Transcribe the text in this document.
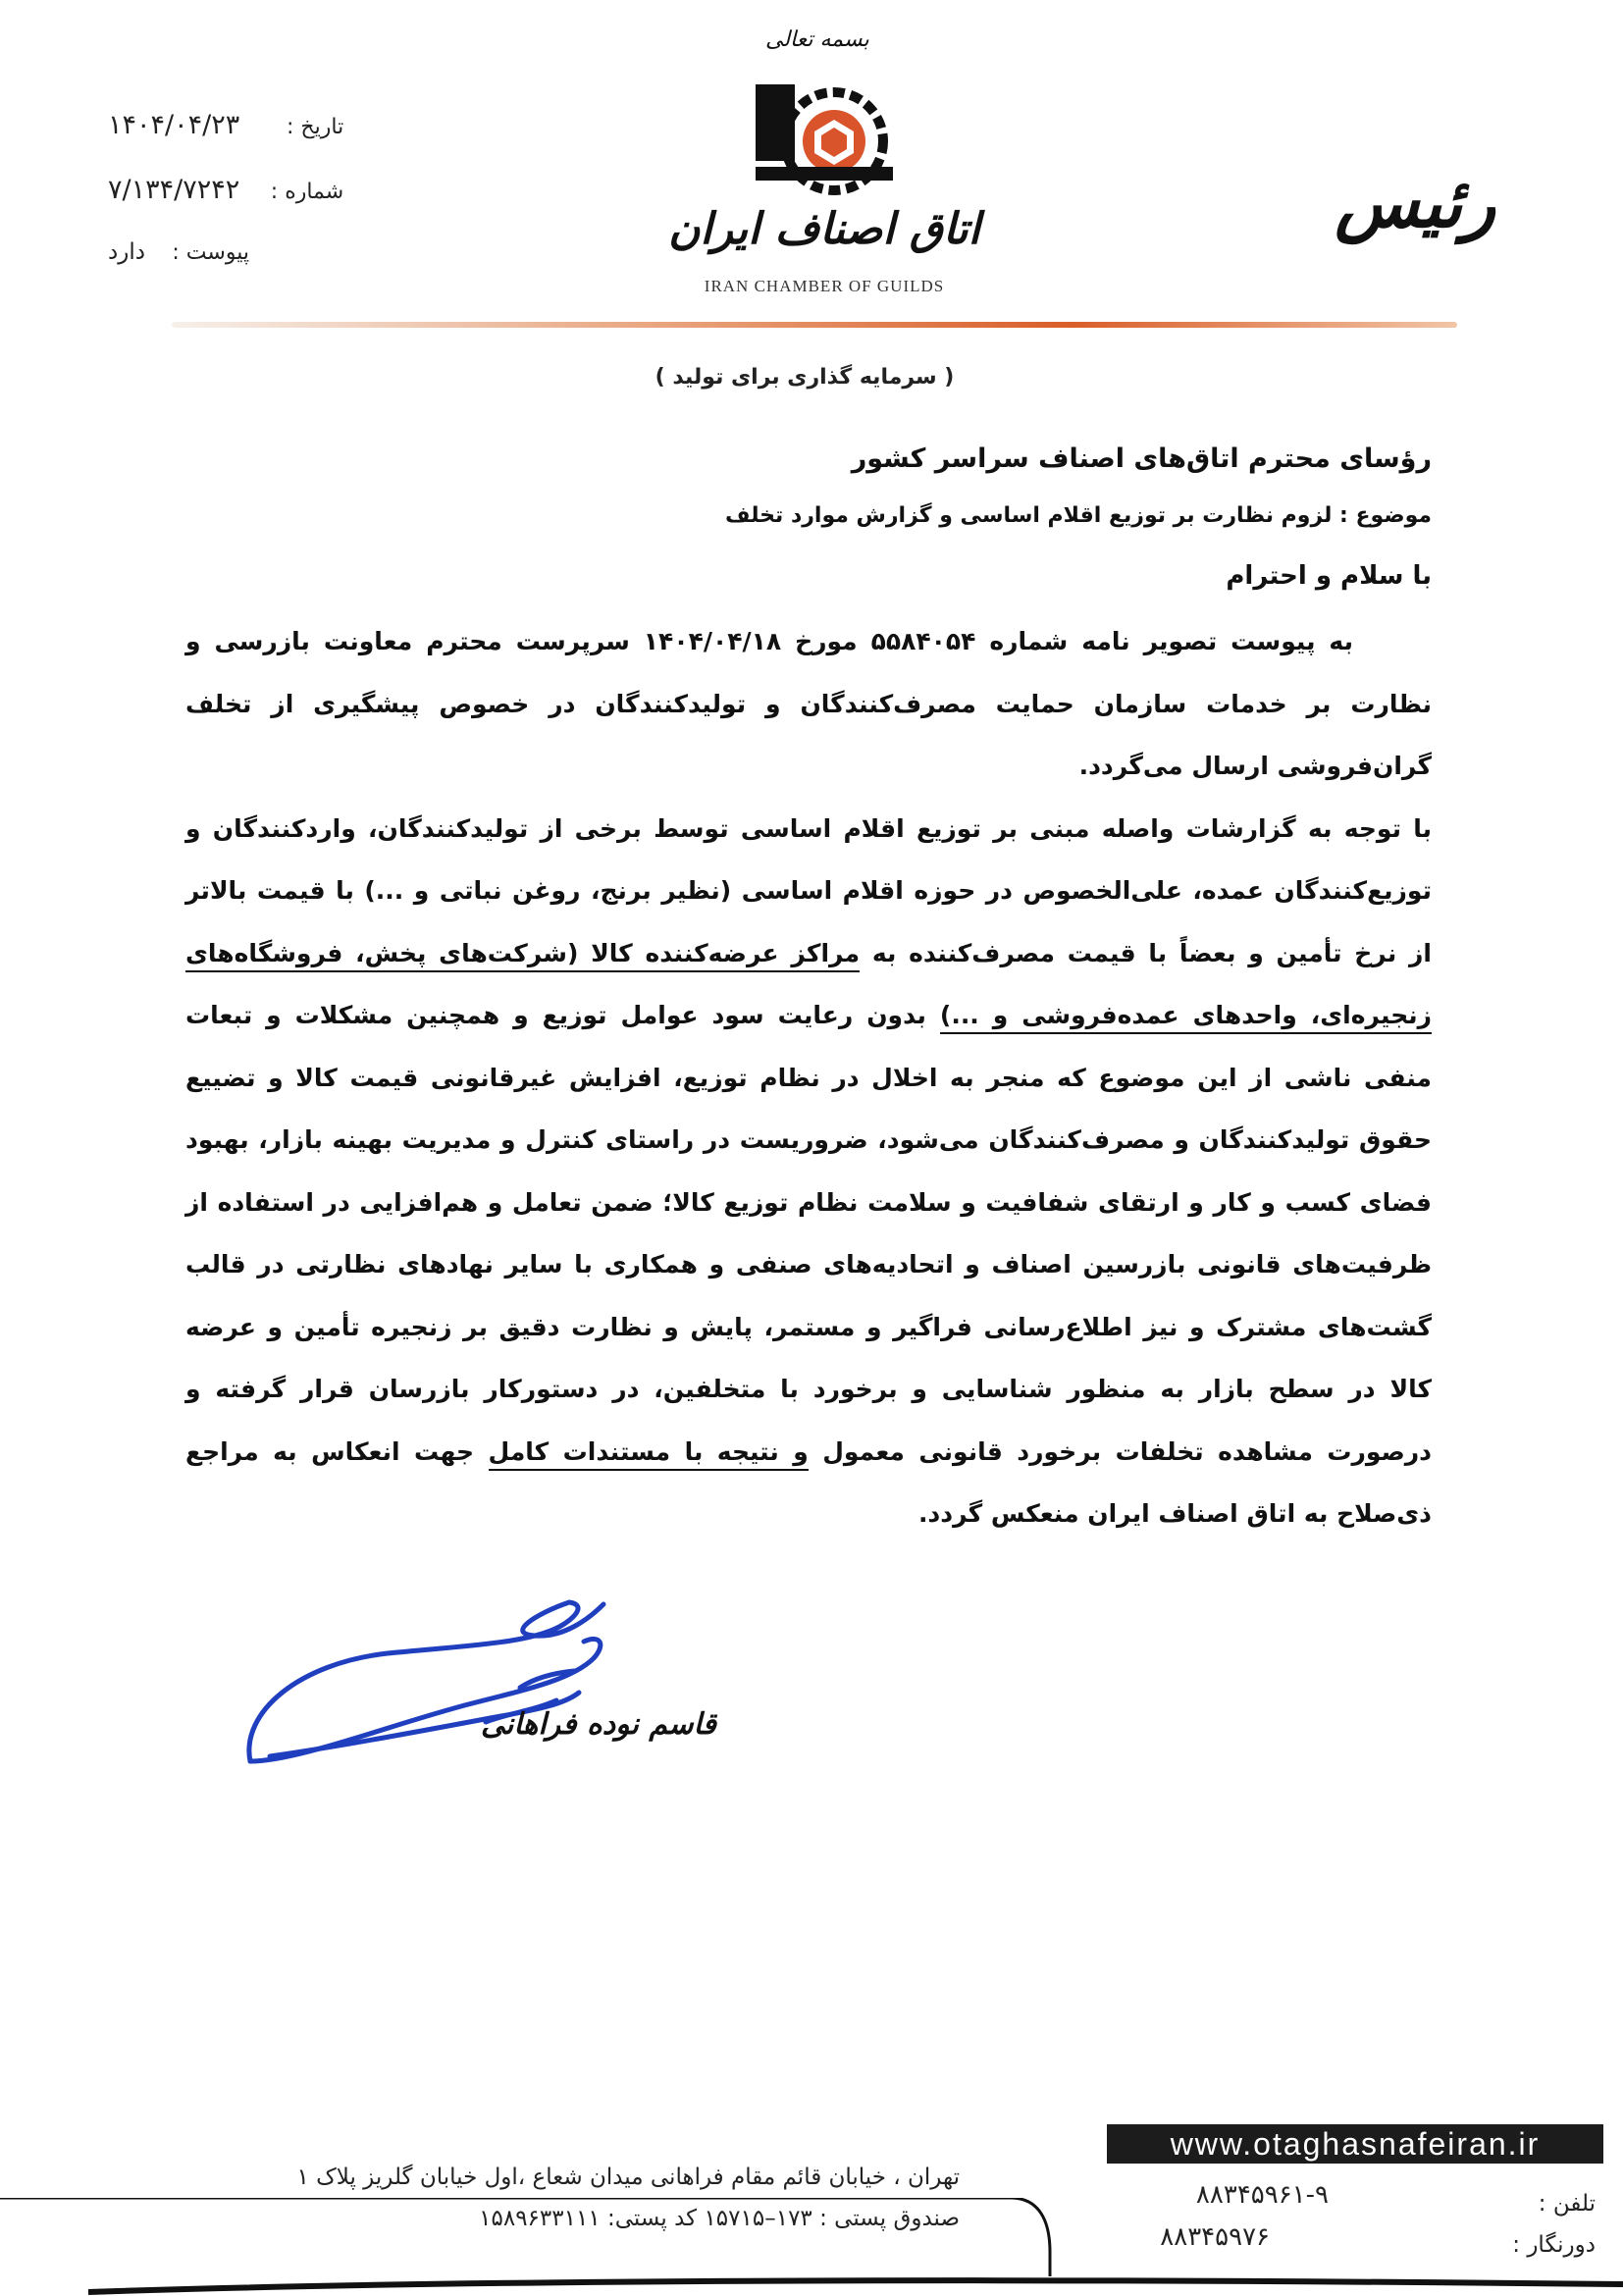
بسمه تعالی
اتاق اصناف ایران
IRAN CHAMBER OF GUILDS
رئیس
تاریخ :
۱۴۰۴/۰۴/۲۳
شماره :
۷/۱۳۴/۷۲۴۲
پیوست :
دارد
( سرمایه گذاری برای تولید )
رؤسای محترم اتاق‌های اصناف سراسر کشور
موضوع : لزوم نظارت بر توزیع اقلام اساسی و گزارش موارد تخلف
با سلام و احترام

به پیوست تصویر نامه شماره ۵۵۸۴۰۵۴ مورخ ۱۴۰۴/۰۴/۱۸ سرپرست محترم معاونت بازرسی و نظارت بر خدمات سازمان حمایت مصرف‌کنندگان و تولیدکنندگان در خصوص پیشگیری از تخلف گران‌فروشی ارسال می‌گردد.

با توجه به گزارشات واصله مبنی بر توزیع اقلام اساسی توسط برخی از تولیدکنندگان، واردکنندگان و توزیع‌کنندگان عمده، علی‌الخصوص در حوزه اقلام اساسی (نظیر برنج، روغن نباتی و ...) با قیمت بالاتر از نرخ تأمین و بعضاً با قیمت مصرف‌کننده به مراکز عرضه‌کننده کالا (شرکت‌های پخش، فروشگاه‌های زنجیره‌ای، واحدهای عمده‌فروشی و ...) بدون رعایت سود عوامل توزیع و همچنین مشکلات و تبعات منفی ناشی از این موضوع که منجر به اخلال در نظام توزیع، افزایش غیرقانونی قیمت کالا و تضییع حقوق تولیدکنندگان و مصرف‌کنندگان می‌شود، ضروریست در راستای کنترل و مدیریت بهینه بازار، بهبود فضای کسب و کار و ارتقای شفافیت و سلامت نظام توزیع کالا؛ ضمن تعامل و هم‌افزایی در استفاده از ظرفیت‌های قانونی بازرسین اصناف و اتحادیه‌های صنفی و همکاری با سایر نهادهای نظارتی در قالب گشت‌های مشترک و نیز اطلاع‌رسانی فراگیر و مستمر، پایش و نظارت دقیق بر زنجیره تأمین و عرضه کالا در سطح بازار به منظور شناسایی و برخورد با متخلفین، در دستورکار بازرسان قرار گرفته و درصورت مشاهده تخلفات برخورد قانونی معمول و نتیجه با مستندات کامل جهت انعکاس به مراجع ذی‌صلاح به اتاق اصناف ایران منعکس گردد.

قاسم نوده فراهانی
www.otaghasnafeiran.ir
تهران ، خیابان قائم مقام فراهانی میدان شعاع ،اول خیابان گلریز پلاک ۱
صندوق پستی : ۱۷۳–۱۵۷۱۵ کد پستی: ۱۵۸۹۶۳۳۱۱۱
تلفن :
۸۸۳۴۵۹۶۱-۹
دورنگار :
۸۸۳۴۵۹۷۶
